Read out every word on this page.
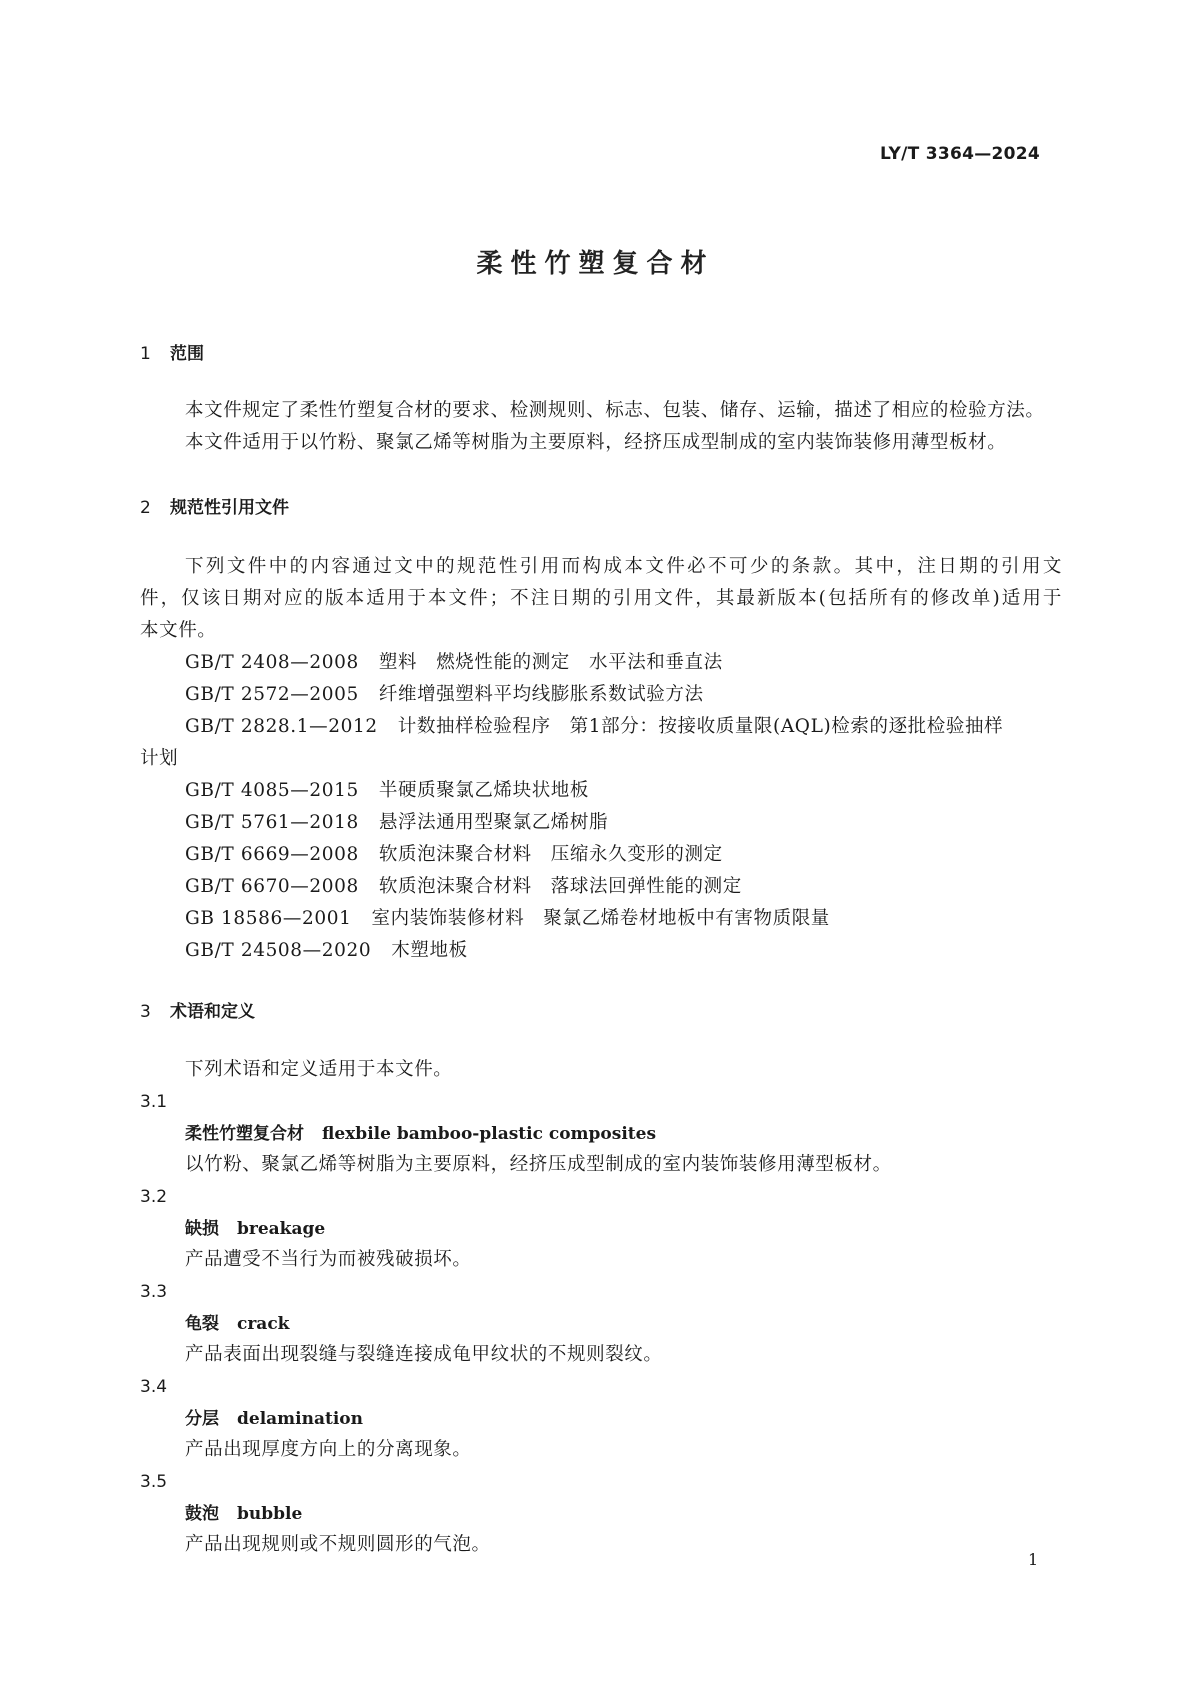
LY/T 3364—2024
柔性竹塑复合材
1 范围
本文件规定了柔性竹塑复合材的要求、检测规则、标志、包装、储存、运输，描述了相应的检验方法。
本文件适用于以竹粉、聚氯乙烯等树脂为主要原料，经挤压成型制成的室内装饰装修用薄型板材。
2 规范性引用文件
下列文件中的内容通过文中的规范性引用而构成本文件必不可少的条款。其中，注日期的引用文
件，仅该日期对应的版本适用于本文件；不注日期的引用文件，其最新版本(包括所有的修改单)适用于
本文件。
GB/T 2408—2008 塑料　燃烧性能的测定　水平法和垂直法
GB/T 2572—2005 纤维增强塑料平均线膨胀系数试验方法
GB/T 2828.1—2012 计数抽样检验程序　第1部分：按接收质量限(AQL)检索的逐批检验抽样
计划
GB/T 4085—2015 半硬质聚氯乙烯块状地板
GB/T 5761—2018 悬浮法通用型聚氯乙烯树脂
GB/T 6669—2008 软质泡沫聚合材料　压缩永久变形的测定
GB/T 6670—2008 软质泡沫聚合材料　落球法回弹性能的测定
GB 18586—2001 室内装饰装修材料　聚氯乙烯卷材地板中有害物质限量
GB/T 24508—2020 木塑地板
3 术语和定义
下列术语和定义适用于本文件。
3.1
柔性竹塑复合材 flexbile bamboo-plastic composites
以竹粉、聚氯乙烯等树脂为主要原料，经挤压成型制成的室内装饰装修用薄型板材。
3.2
缺损 breakage
产品遭受不当行为而被残破损坏。
3.3
龟裂 crack
产品表面出现裂缝与裂缝连接成龟甲纹状的不规则裂纹。
3.4
分层 delamination
产品出现厚度方向上的分离现象。
3.5
鼓泡 bubble
产品出现规则或不规则圆形的气泡。
1
